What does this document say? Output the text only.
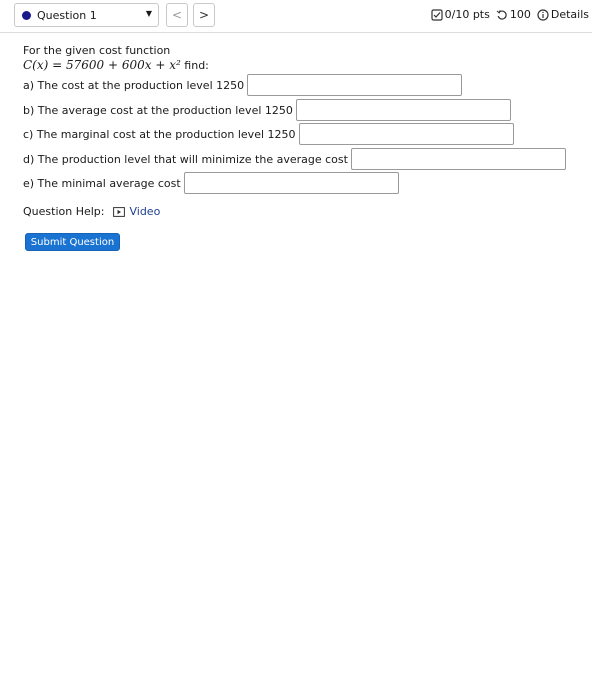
Question 1	▼	<	>	0/10 pts 100 Details
For the given cost function
C(x) = 57600 + 600x + x² find:
a) The cost at the production level 1250
b) The average cost at the production level 1250
c) The marginal cost at the production level 1250
d) The production level that will minimize the average cost
e) The minimal average cost
Question Help: Video
Submit Question
